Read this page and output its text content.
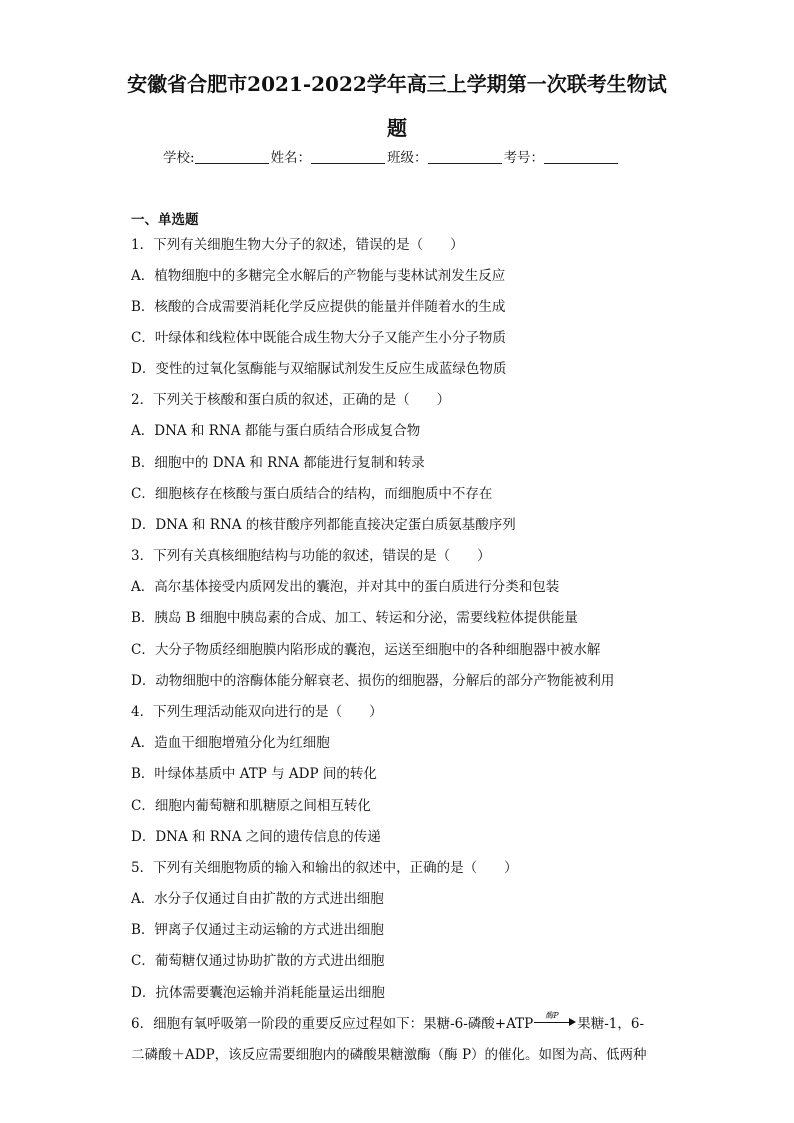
安徽省合肥市2021-2022学年高三上学期第一次联考生物试
题
学校:	姓名：	班级：	考号：
一、单选题
1．下列有关细胞生物大分子的叙述，错误的是（　　）
A．植物细胞中的多糖完全水解后的产物能与斐林试剂发生反应
B．核酸的合成需要消耗化学反应提供的能量并伴随着水的生成
C．叶绿体和线粒体中既能合成生物大分子又能产生小分子物质
D．变性的过氧化氢酶能与双缩脲试剂发生反应生成蓝绿色物质
2．下列关于核酸和蛋白质的叙述，正确的是（　　）
A．DNA 和 RNA 都能与蛋白质结合形成复合物
B．细胞中的 DNA 和 RNA 都能进行复制和转录
C．细胞核存在核酸与蛋白质结合的结构，而细胞质中不存在
D．DNA 和 RNA 的核苷酸序列都能直接决定蛋白质氨基酸序列
3．下列有关真核细胞结构与功能的叙述，错误的是（　　）
A．高尔基体接受内质网发出的囊泡，并对其中的蛋白质进行分类和包装
B．胰岛 B 细胞中胰岛素的合成、加工、转运和分泌，需要线粒体提供能量
C．大分子物质经细胞膜内陷形成的囊泡，运送至细胞中的各种细胞器中被水解
D．动物细胞中的溶酶体能分解衰老、损伤的细胞器，分解后的部分产物能被利用
4．下列生理活动能双向进行的是（　　）
A．造血干细胞增殖分化为红细胞
B．叶绿体基质中 ATP 与 ADP 间的转化
C．细胞内葡萄糖和肌糖原之间相互转化
D．DNA 和 RNA 之间的遗传信息的传递
5．下列有关细胞物质的输入和输出的叙述中，正确的是（　　）
A．水分子仅通过自由扩散的方式进出细胞
B．钾离子仅通过主动运输的方式进出细胞
C．葡萄糖仅通过协助扩散的方式进出细胞
D．抗体需要囊泡运输并消耗能量运出细胞
6．细胞有氧呼吸第一阶段的重要反应过程如下：果糖-6-磷酸+ATP
酶P
果糖-1，6-
二磷酸＋ADP，该反应需要细胞内的磷酸果糖激酶（酶 P）的催化。如图为高、低两种
